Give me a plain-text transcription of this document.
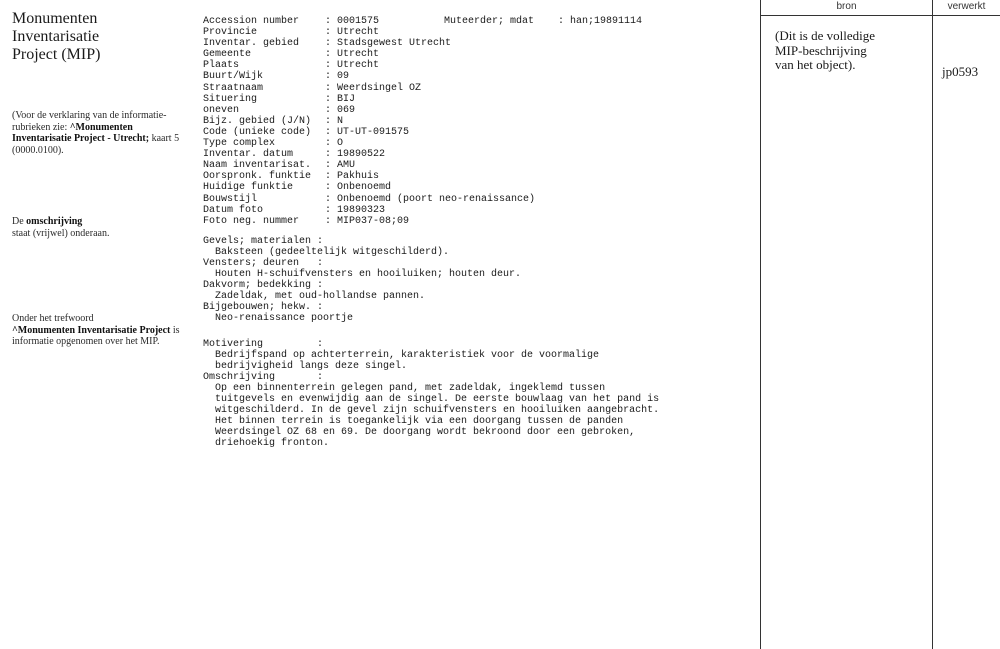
Monumenten
Inventarisatie
Project (MIP)
(Voor de verklaring van de informatie-rubrieken zie: ^Monumenten Inventarisatie Project - Utrecht; kaart 5 (0000.0100).
De omschrijving
staat (vrijwel) onderaan.
Onder het trefwoord
^Monumenten Inventarisatie Project is informatie opgenomen over het MIP.
Muteerder; mdat    : han;19891114
Accession number	: 0001575
Provincie	: Utrecht
Inventar. gebied	: Stadsgewest Utrecht
Gemeente	: Utrecht
Plaats	: Utrecht
Buurt/Wijk	: 09
Straatnaam	: Weerdsingel OZ
Situering	: BIJ
oneven	: 069
Bijz. gebied (J/N)	: N
Code (unieke code)	: UT-UT-091575
Type complex	: O
Inventar. datum	: 19890522
Naam inventarisat.	: AMU
Oorspronk. funktie	: Pakhuis
Huidige funktie	: Onbenoemd
Bouwstijl	: Onbenoemd (poort neo-renaissance)
Datum foto	: 19890323
Foto neg. nummer	: MIP037-08;09
Gevels; materialen :
Baksteen (gedeeltelijk witgeschilderd).
Vensters; deuren   :
Houten H-schuifvensters en hooiluiken; houten deur.
Dakvorm; bedekking :
Zadeldak, met oud-hollandse pannen.
Bijgebouwen; hekw. :
Neo-renaissance poortje
Motivering         :
Bedrijfspand op achterterrein, karakteristiek voor de voormalige
bedrijvigheid langs deze singel.
Omschrijving       :
Op een binnenterrein gelegen pand, met zadeldak, ingeklemd tussen
tuitgevels en evenwijdig aan de singel. De eerste bouwlaag van het pand is
witgeschilderd. In de gevel zijn schuifvensters en hooiluiken aangebracht.
Het binnen terrein is toegankelijk via een doorgang tussen de panden
Weerdsingel OZ 68 en 69. De doorgang wordt bekroond door een gebroken,
driehoekig fronton.
bron	verwerkt
(Dit is de volledige
MIP-beschrijving
van het object).	jp0593
